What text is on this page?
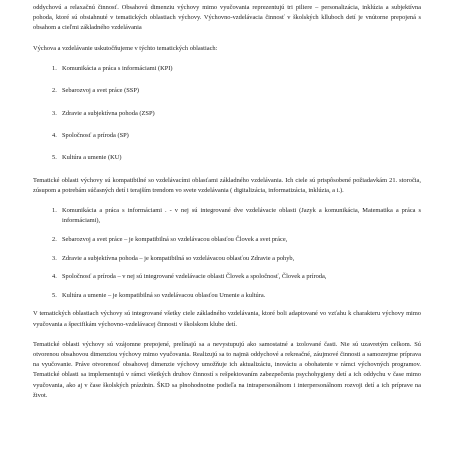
oddychovú a relaxačnú činnosť. Obsahovú dimenziu výchovy mimo vyučovania reprezentujú tri piliere – personalizácia, inklúzia a subjektívna pohoda, ktoré sú obsiahnuté v tematických oblastiach výchovy. Výchovno-vzdelávacia činnosť v školských klluboch detí je vnútorne prepojená s obsahom a cieľmi základného vzdelávania

Výchova a vzdelávanie uskutočňujeme v týchto tematických oblastiach:

1. Komunikácia a práca s informáciami (KPI)
2. Sebarozvoj a svet práce (SSP)
3. Zdravie a subjektívna pohoda (ZSP)
4. Spoločnosť a príroda (SP)
5. Kultúra a umenie (KU)

Tematické oblasti výchovy sú kompatibilné so vzdelávacími oblasťami základného vzdelávania. Ich ciele sú prispôsobené požiadavkám 21. storočia, zúsupom a potrebám súčasných detí i terajším trendom vo svete vzdelávania ( digitalizácia, informatizácia, inklúzia, a i.).

1. Komunikácia a práca s informáciami . - v nej sú integrované dve vzdelávacie oblasti (Jazyk a komunikácia, Matematika a práca s informáciami),
2. Sebarozvoj a svet práce – je kompatibilná so vzdelávacou oblasťou Človek a svet práce,
3. Zdravie a subjektívna pohoda – je kompatibilná so vzdelávacou oblasťou Zdravie a pohyb,
4. Spoločnosť a príroda – v nej sú integrované vzdelávacie oblasti Človek a spoločnosť, Človek a príroda,
5. Kultúra a umenie – je kompatibilná so vzdelávacou oblasťou Umenie a kultúra.

V tematických oblastiach výchovy sú integrované všetky ciele základného vzdelávania, ktoré boli adaptované vo vzťahu k charakteru výchovy mimo vyučovania a špecifikám výchovno-vzdelávacej činnosti v školskom klube detí.

Tematické oblasti výchovy sú vzájomne prepojené, prelínajú sa a nevystupujú ako samostatné a izolované časti. Nie sú uzavretým celkom. Sú otvorenou obsahovou dimenziou výchovy mimo vyučovania. Realizujú sa to najmä oddychové a rekreačné, záujmové činnosti a samozrejme príprava na vyučovanie. Práve otvorenosť obsahovej dimenzie výchovy umožňuje ich aktualizáciu, inováciu a obohatenie v rámci výchovných programov. Tematické oblasti sa implementujú v rámci všetkých druhov činností s rešpektovaním zabezpečenia psychohygieny detí a ich oddychu v čase mimo vyučovania, ako aj v čase školských prázdnin. ŠKD sa plnohodnotne podieľa na intrapersonálnom i interpersonálnom rozvoji detí a ich príprave na život.
